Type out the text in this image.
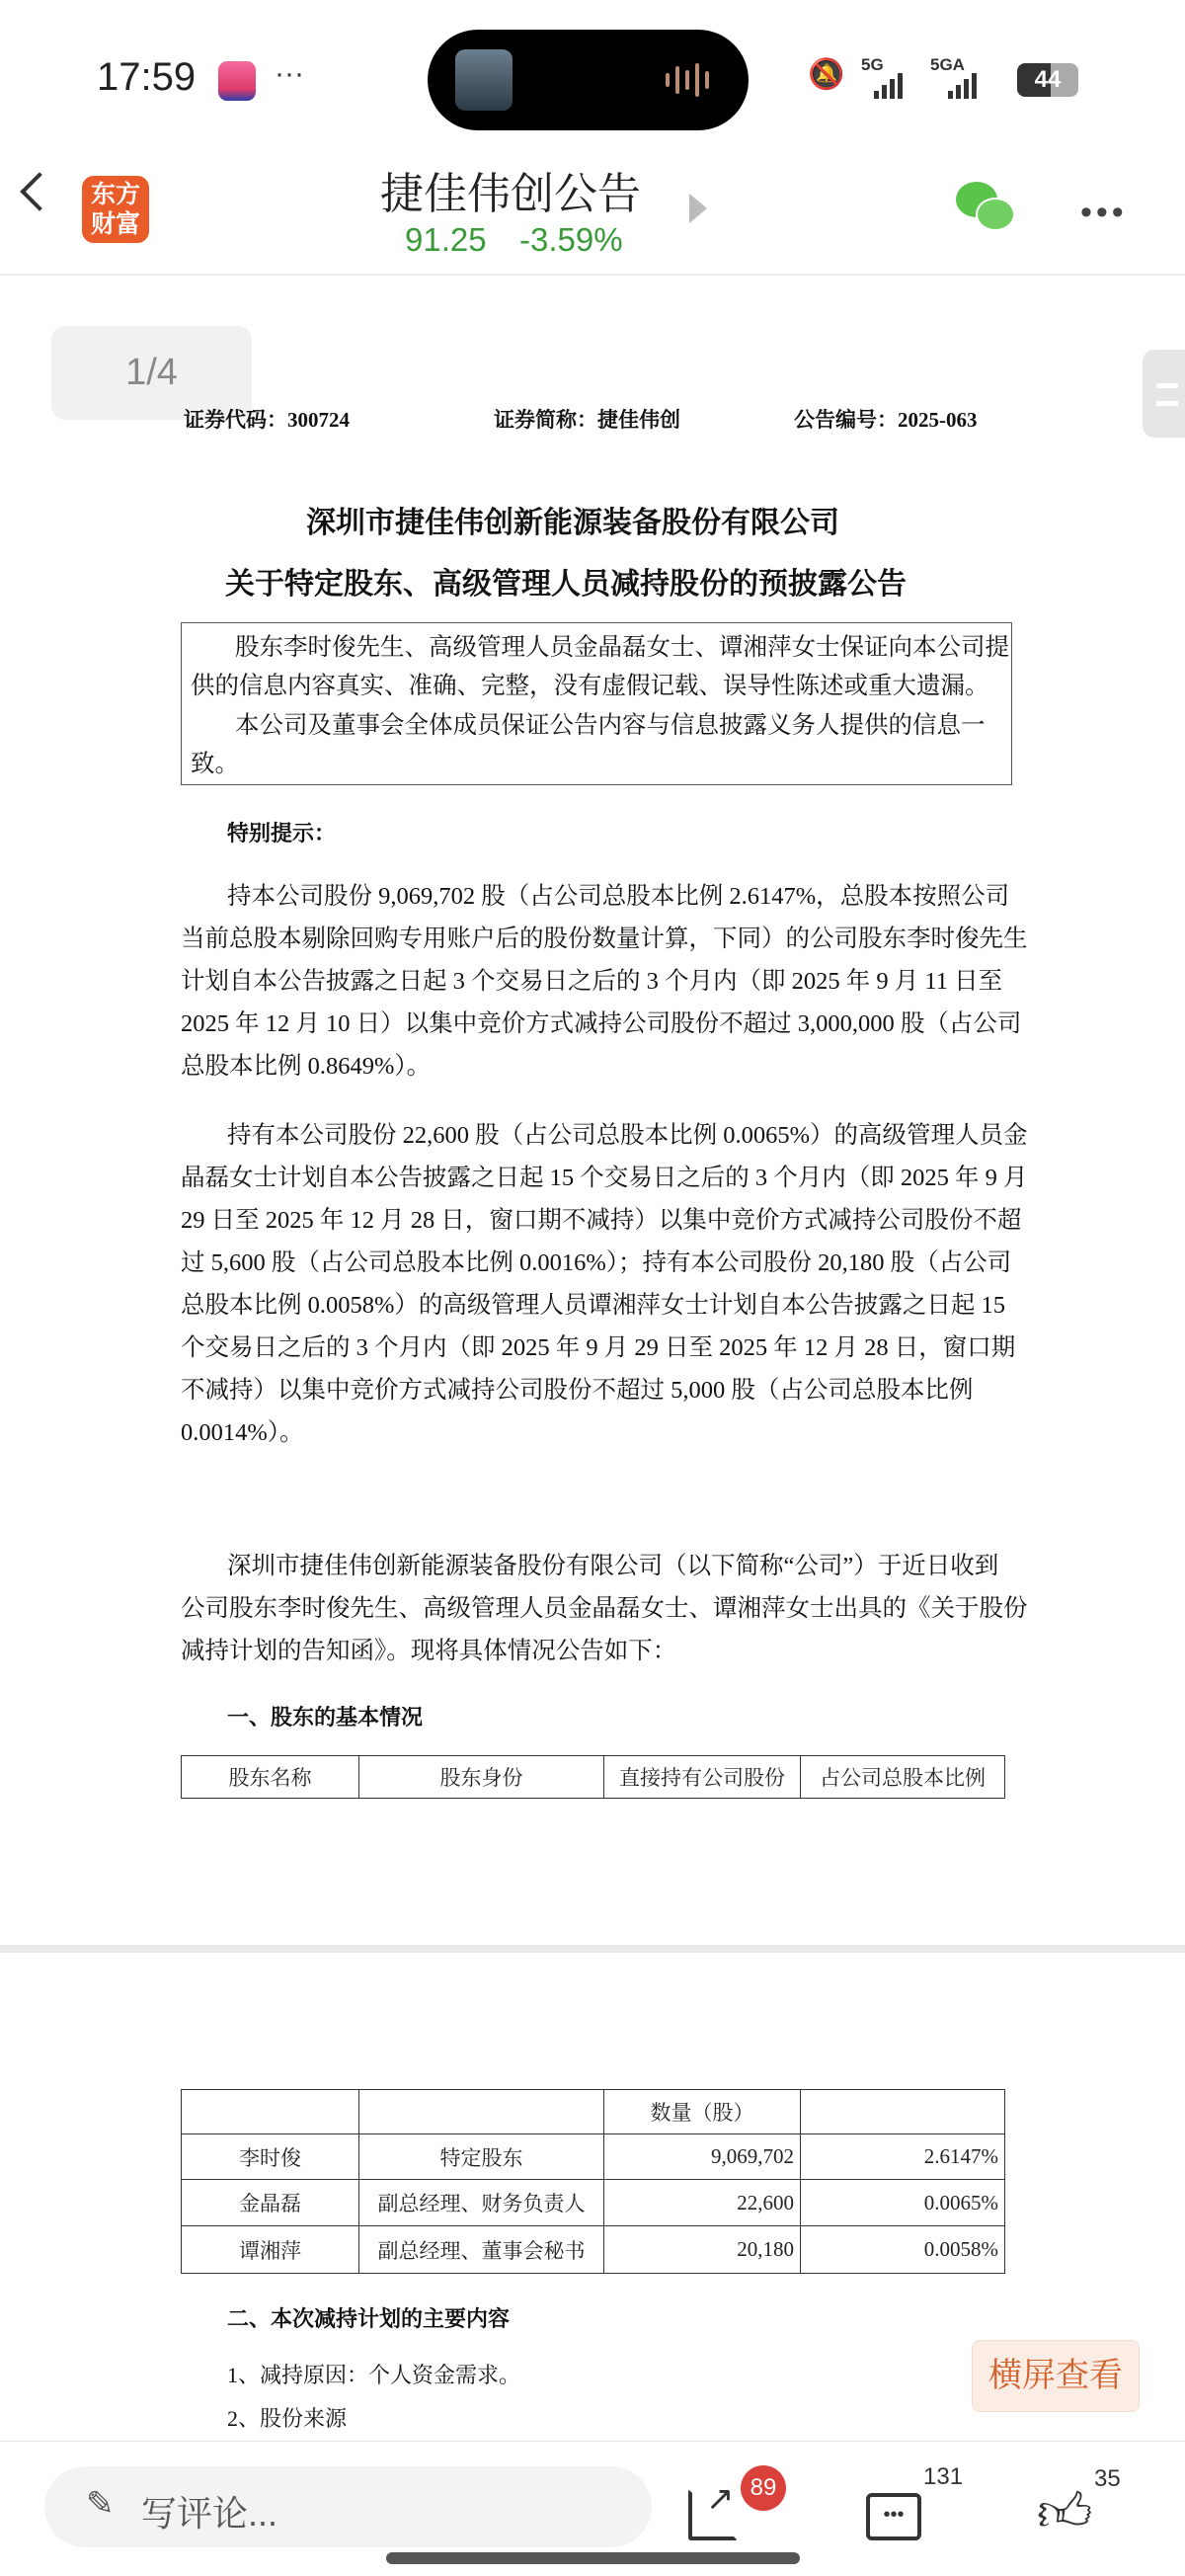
17:59	···	🔕 5G	5GA
44
东方财富
捷佳伟创公告
91.25 -3.59%
•••
1/4
证券代码：300724	证券简称：捷佳伟创	公告编号：2025-063
深圳市捷佳伟创新能源装备股份有限公司
关于特定股东、高级管理人员减持股份的预披露公告
股东李时俊先生、高级管理人员金晶磊女士、谭湘萍女士保证向本公司提
供的信息内容真实、准确、完整，没有虚假记载、误导性陈述或重大遗漏。
本公司及董事会全体成员保证公告内容与信息披露义务人提供的信息一
致。
特别提示：
持本公司股份 9,069,702 股（占公司总股本比例 2.6147%，总股本按照公司
当前总股本剔除回购专用账户后的股份数量计算，下同）的公司股东李时俊先生
计划自本公告披露之日起 3 个交易日之后的 3 个月内（即 2025 年 9 月 11 日至
2025 年 12 月 10 日）以集中竞价方式减持公司股份不超过 3,000,000 股（占公司
总股本比例 0.8649%）。
持有本公司股份 22,600 股（占公司总股本比例 0.0065%）的高级管理人员金
晶磊女士计划自本公告披露之日起 15 个交易日之后的 3 个月内（即 2025 年 9 月
29 日至 2025 年 12 月 28 日，窗口期不减持）以集中竞价方式减持公司股份不超
过 5,600 股（占公司总股本比例 0.0016%）；持有本公司股份 20,180 股（占公司
总股本比例 0.0058%）的高级管理人员谭湘萍女士计划自本公告披露之日起 15
个交易日之后的 3 个月内（即 2025 年 9 月 29 日至 2025 年 12 月 28 日，窗口期
不减持）以集中竞价方式减持公司股份不超过 5,000 股（占公司总股本比例
0.0014%）。
深圳市捷佳伟创新能源装备股份有限公司（以下简称“公司”）于近日收到
公司股东李时俊先生、高级管理人员金晶磊女士、谭湘萍女士出具的《关于股份
减持计划的告知函》。现将具体情况公告如下：
一、股东的基本情况
股东名称	股东身份	直接持有公司股份	占公司总股本比例
		数量（股）	
李时俊	特定股东	9,069,702	2.6147%
金晶磊	副总经理、财务负责人	22,600	0.0065%
谭湘萍	副总经理、董事会秘书	20,180	0.0058%
二、本次减持计划的主要内容
1、减持原因：个人资金需求。
2、股份来源
横屏查看
✎ 写评论...	↗ 89
•••
131
👍︎
35
